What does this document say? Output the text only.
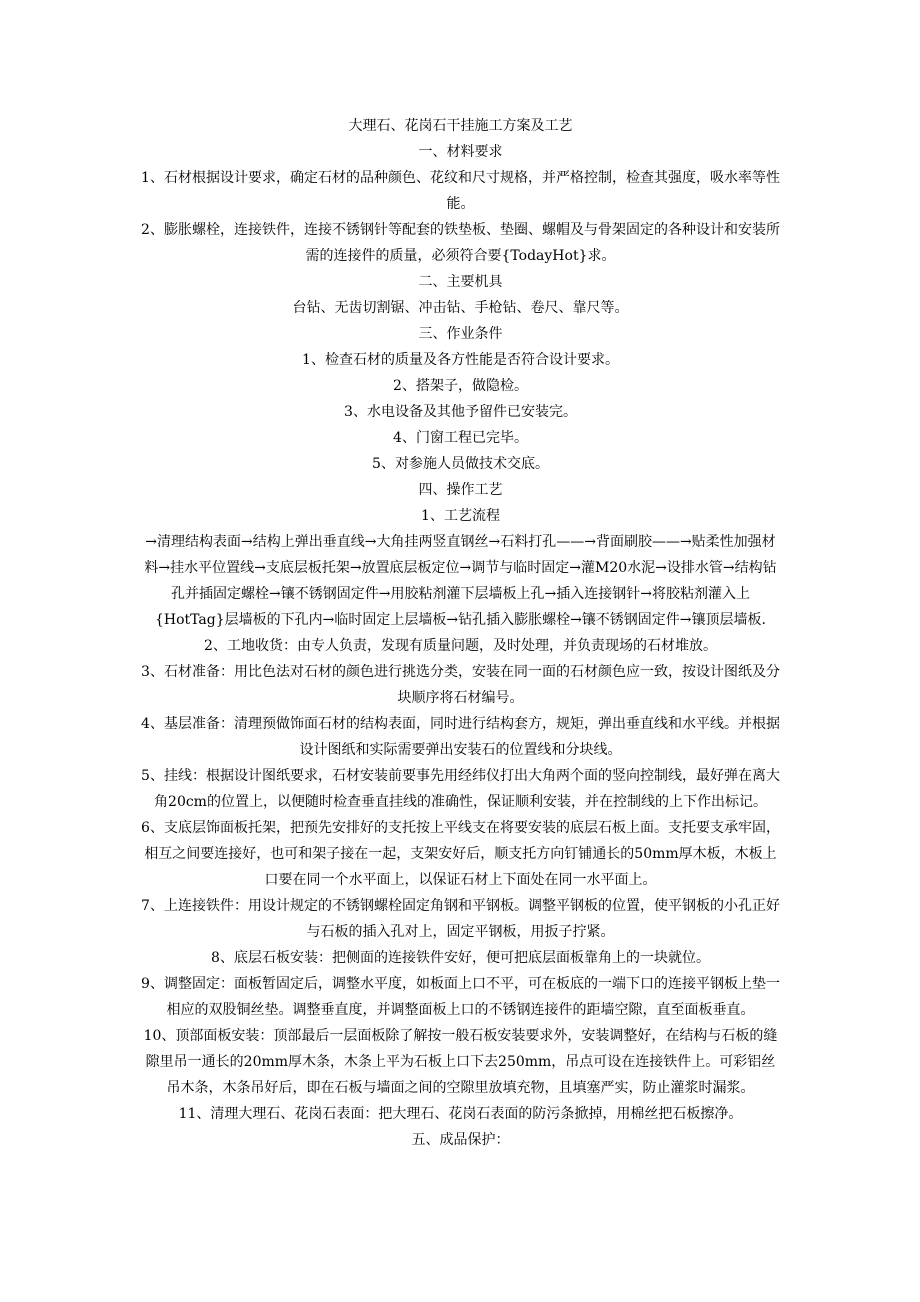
大理石、花岗石干挂施工方案及工艺
一、材料要求
1、石材根据设计要求，确定石材的品种颜色、花纹和尺寸规格，并严格控制，检查其强度，吸水率等性能。
2、膨胀螺栓，连接铁件，连接不锈钢针等配套的铁垫板、垫圈、螺帽及与骨架固定的各种设计和安装所需的连接件的质量，必须符合要{TodayHot}求。
二、主要机具
台钻、无齿切割锯、冲击钻、手枪钻、卷尺、靠尺等。
三、作业条件
1、检查石材的质量及各方性能是否符合设计要求。
2、搭架子，做隐检。
3、水电设备及其他予留件已安装完。
4、门窗工程已完毕。
5、对参施人员做技术交底。
四、操作工艺
1、工艺流程
→清理结构表面→结构上弹出垂直线→大角挂两竖直钢丝→石料打孔——→背面刷胶——→贴柔性加强材料→挂水平位置线→支底层板托架→放置底层板定位→调节与临时固定→灌M20水泥→设排水管→结构钻孔并插固定螺栓→镶不锈钢固定件→用胶粘剂灌下层墙板上孔→插入连接钢针→将胶粘剂灌入上{HotTag}层墙板的下孔内→临时固定上层墙板→钻孔插入膨胀螺栓→镶不锈钢固定件→镶顶层墙板.
2、工地收货：由专人负责，发现有质量问题，及时处理，并负责现场的石材堆放。
3、石材准备：用比色法对石材的颜色进行挑选分类，安装在同一面的石材颜色应一致，按设计图纸及分块顺序将石材编号。
4、基层准备：清理预做饰面石材的结构表面，同时进行结构套方，规矩，弹出垂直线和水平线。并根据设计图纸和实际需要弹出安装石的位置线和分块线。
5、挂线：根据设计图纸要求，石材安装前要事先用经纬仪打出大角两个面的竖向控制线，最好弹在离大角20cm的位置上，以便随时检查垂直挂线的准确性，保证顺利安装，并在控制线的上下作出标记。
6、支底层饰面板托架，把预先安排好的支托按上平线支在将要安装的底层石板上面。支托要支承牢固，相互之间要连接好，也可和架子接在一起，支架安好后，顺支托方向钉铺通长的50mm厚木板，木板上口要在同一个水平面上，以保证石材上下面处在同一水平面上。
7、上连接铁件：用设计规定的不锈钢螺栓固定角钢和平钢板。调整平钢板的位置，使平钢板的小孔正好与石板的插入孔对上，固定平钢板，用扳子拧紧。
8、底层石板安装：把侧面的连接铁件安好，便可把底层面板靠角上的一块就位。
9、调整固定：面板暂固定后，调整水平度，如板面上口不平，可在板底的一端下口的连接平钢板上垫一相应的双股铜丝垫。调整垂直度，并调整面板上口的不锈钢连接件的距墙空隙，直至面板垂直。
10、顶部面板安装：顶部最后一层面板除了解按一般石板安装要求外，安装调整好，在结构与石板的缝隙里吊一通长的20mm厚木条，木条上平为石板上口下去250mm，吊点可设在连接铁件上。可彩铝丝吊木条，木条吊好后，即在石板与墙面之间的空隙里放填充物，且填塞严实，防止灌浆时漏浆。
11、清理大理石、花岗石表面：把大理石、花岗石表面的防污条掀掉，用棉丝把石板擦净。
五、成品保护：
